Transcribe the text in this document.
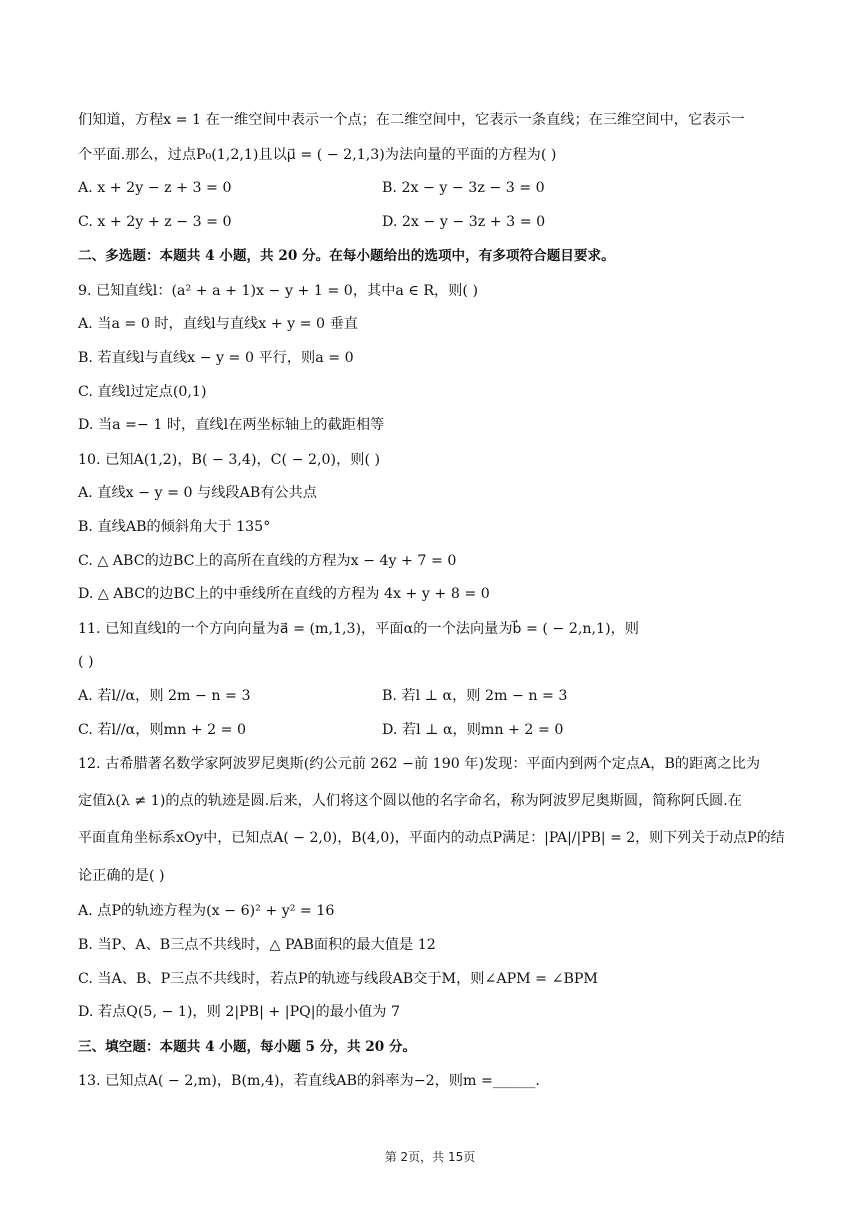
们知道，方程x = 1 在一维空间中表示一个点；在二维空间中，它表示一条直线；在三维空间中，它表示一
个平面.那么，过点P₀(1,2,1)且以μ⃗ = ( − 2,1,3)为法向量的平面的方程为( )
A. x + 2y − z + 3 = 0	B. 2x − y − 3z − 3 = 0
C. x + 2y + z − 3 = 0	D. 2x − y − 3z + 3 = 0
二、多选题：本题共 4 小题，共 20 分。在每小题给出的选项中，有多项符合题目要求。
9. 已知直线l：(a² + a + 1)x − y + 1 = 0，其中a ∈ R，则( )
A. 当a = 0 时，直线l与直线x + y = 0 垂直
B. 若直线l与直线x − y = 0 平行，则a = 0
C. 直线l过定点(0,1)
D. 当a =− 1 时，直线l在两坐标轴上的截距相等
10. 已知A(1,2)，B( − 3,4)，C( − 2,0)，则( )
A. 直线x − y = 0 与线段AB有公共点
B. 直线AB的倾斜角大于 135°
C. △ ABC的边BC上的高所在直线的方程为x − 4y + 7 = 0
D. △ ABC的边BC上的中垂线所在直线的方程为 4x + y + 8 = 0
11. 已知直线l的一个方向向量为a⃗ = (m,1,3)，平面α的一个法向量为b⃗ = ( − 2,n,1)，则
( )
A. 若l//α，则 2m − n = 3	B. 若l ⊥ α，则 2m − n = 3
C. 若l//α，则mn + 2 = 0	D. 若l ⊥ α，则mn + 2 = 0
12. 古希腊著名数学家阿波罗尼奥斯(约公元前 262 −前 190 年)发现：平面内到两个定点A，B的距离之比为
定值λ(λ ≠ 1)的点的轨迹是圆.后来，人们将这个圆以他的名字命名，称为阿波罗尼奥斯圆，简称阿氏圆.在
平面直角坐标系xOy中，已知点A( − 2,0)，B(4,0)，平面内的动点P满足：|PA|/|PB| = 2，则下列关于动点P的结
论正确的是( )
A. 点P的轨迹方程为(x − 6)² + y² = 16
B. 当P、A、B三点不共线时，△ PAB面积的最大值是 12
C. 当A、B、P三点不共线时，若点P的轨迹与线段AB交于M，则∠APM = ∠BPM
D. 若点Q(5, − 1)，则 2|PB| + |PQ|的最小值为 7
三、填空题：本题共 4 小题，每小题 5 分，共 20 分。
13. 已知点A( − 2,m)，B(m,4)，若直线AB的斜率为−2，则m =______.
第 2页，共 15页
